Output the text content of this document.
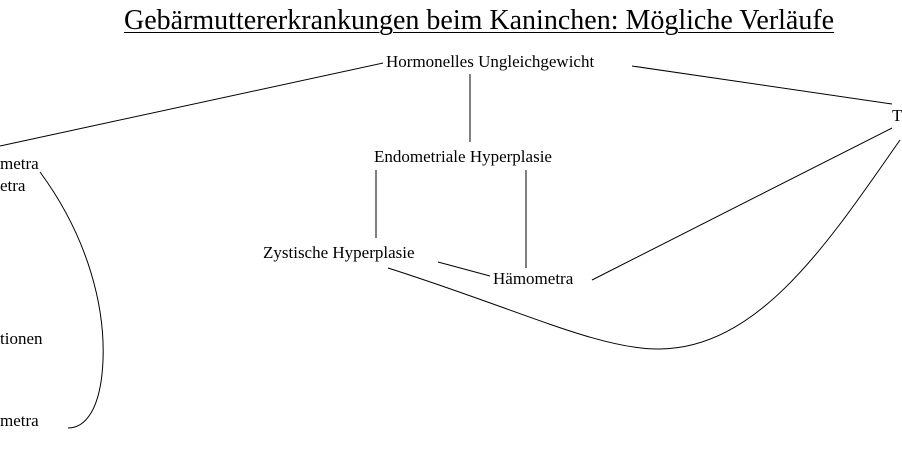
Gebärmuttererkrankungen beim Kaninchen: Mögliche Verläufe
Hormonelles Ungleichgewicht
Endometriale Hyperplasie
Zystische Hyperplasie
Hämometra
metra
etra
tionen
metra
T
